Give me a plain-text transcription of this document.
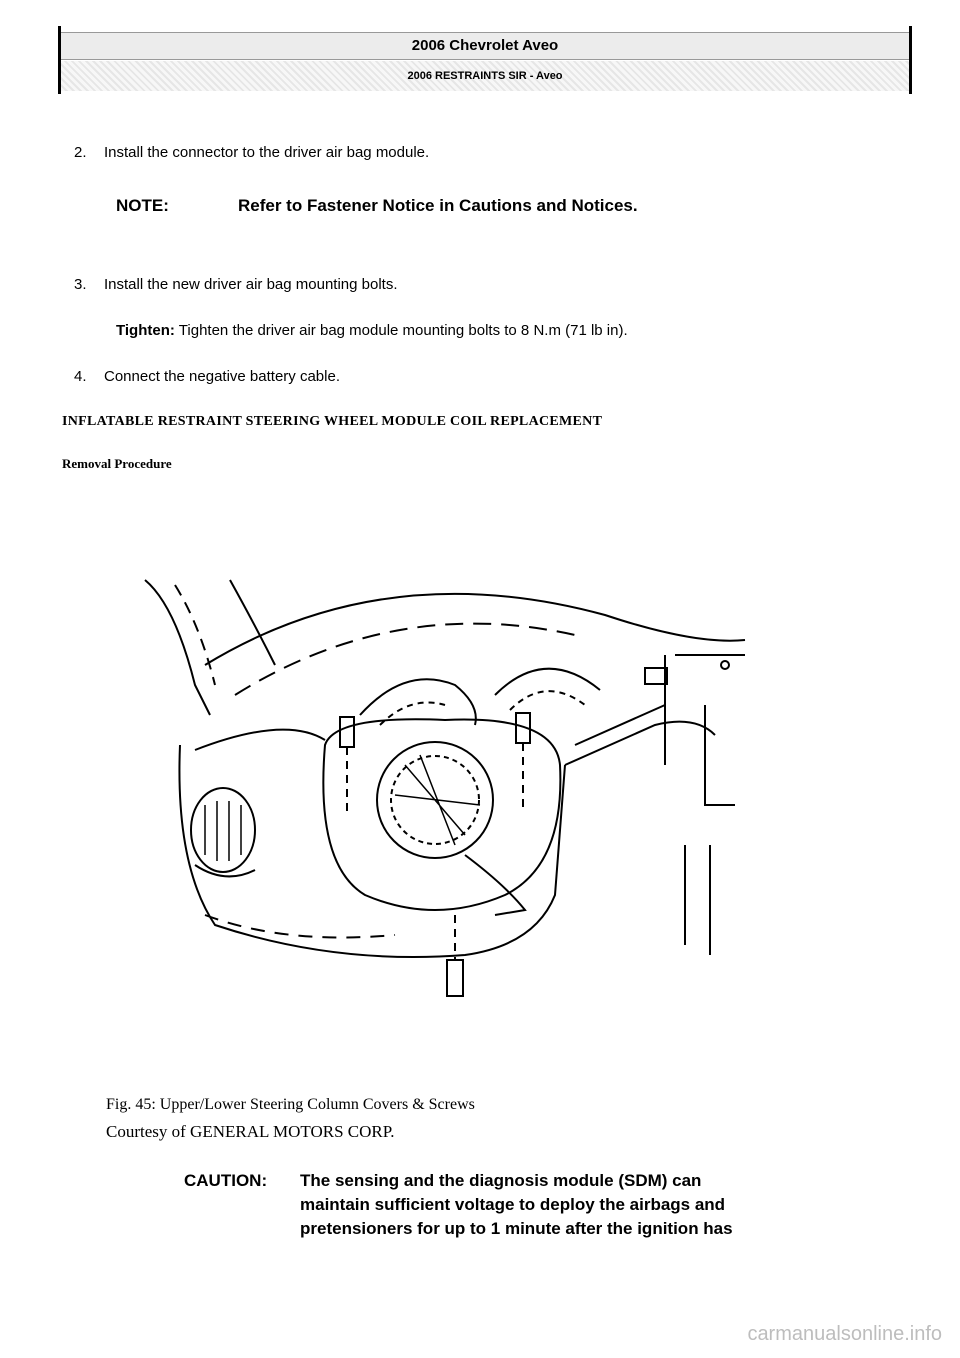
2006 Chevrolet Aveo
2006 RESTRAINTS SIR - Aveo
2. Install the connector to the driver air bag module.
NOTE:	Refer to Fastener Notice in Cautions and Notices.
3. Install the new driver air bag mounting bolts.
Tighten: Tighten the driver air bag module mounting bolts to 8 N.m (71 lb in).
4. Connect the negative battery cable.
INFLATABLE RESTRAINT STEERING WHEEL MODULE COIL REPLACEMENT
Removal Procedure
Fig. 45: Upper/Lower Steering Column Covers & Screws
Courtesy of GENERAL MOTORS CORP.
CAUTION: The sensing and the diagnosis module (SDM) can
maintain sufficient voltage to deploy the airbags and
pretensioners for up to 1 minute after the ignition has
carmanualsonline.info
